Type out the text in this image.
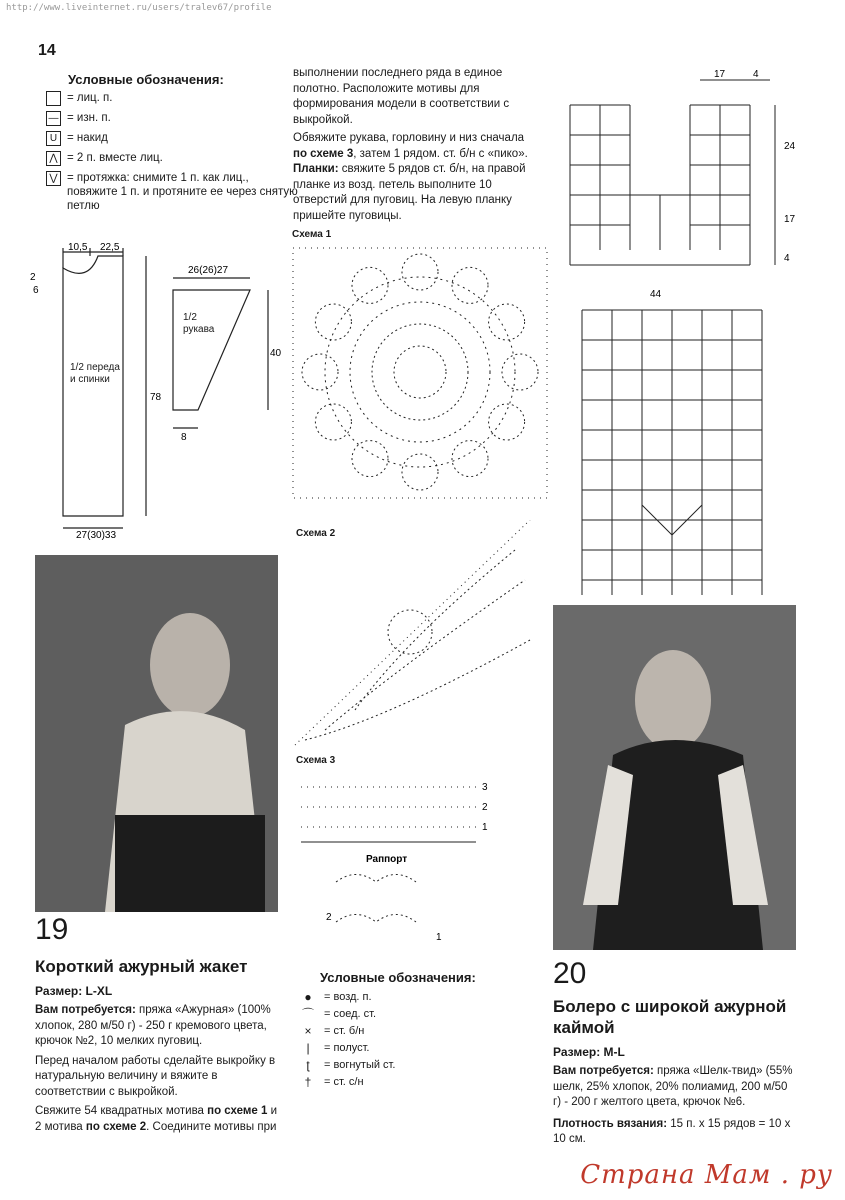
http://www.liveinternet.ru/users/tralev67/profile
14
Условные обозначения:
= лиц. п.
— = изн. п.
U = накид
⋀ = 2 п. вместе лиц.
⋁ = протяжка: снимите 1 п. как лиц., повяжите 1 п. и протяните ее через снятую петлю
10,5 22,5
2
6
78
27(30)33
26(26)27
40
8
1/2 переда и спинки
1/2 рукава
выполнении последнего ряда в единое полотно. Расположите мотивы для формирования модели в соответствии с выкройкой.
Обвяжите рукава, горловину и низ сначала по схеме 3, затем 1 рядом. ст. б/н с «пико».
Планки: свяжите 5 рядов ст. б/н, на правой планке из возд. петель выполните 10 отверстий для пуговиц. На левую планку пришейте пуговицы.
Схема 1
Схема 2
Схема 3
3
2
1
Раппорт
2
1
17	4
24
17
4
44
19
Короткий ажурный жакет
Размер: L-XL
Вам потребуется: пряжа «Ажурная» (100% хлопок, 280 м/50 г) - 250 г кремового цвета, крючок №2, 10 мелких пуговиц.
Перед началом работы сделайте выкройку в натуральную величину и вяжите в соответствии с выкройкой.
Свяжите 54 квадратных мотива по схеме 1 и 2 мотива по схеме 2. Соедините мотивы при
Условные обозначения:
●	= возд. п.
⌒ = соед. ст.
×	= ст. б/н
|	= полуст.
ʈ	= вогнутый ст.
†	= ст. с/н
20
Болеро с широкой ажурной каймой
Размер: M-L
Вам потребуется: пряжа «Шелк-твид» (55% шелк, 25% хлопок, 20% полиамид, 200 м/50 г) - 200 г желтого цвета, крючок №6.
Плотность вязания: 15 п. х 15 рядов = 10 х 10 см.
Страна Мам . ру
